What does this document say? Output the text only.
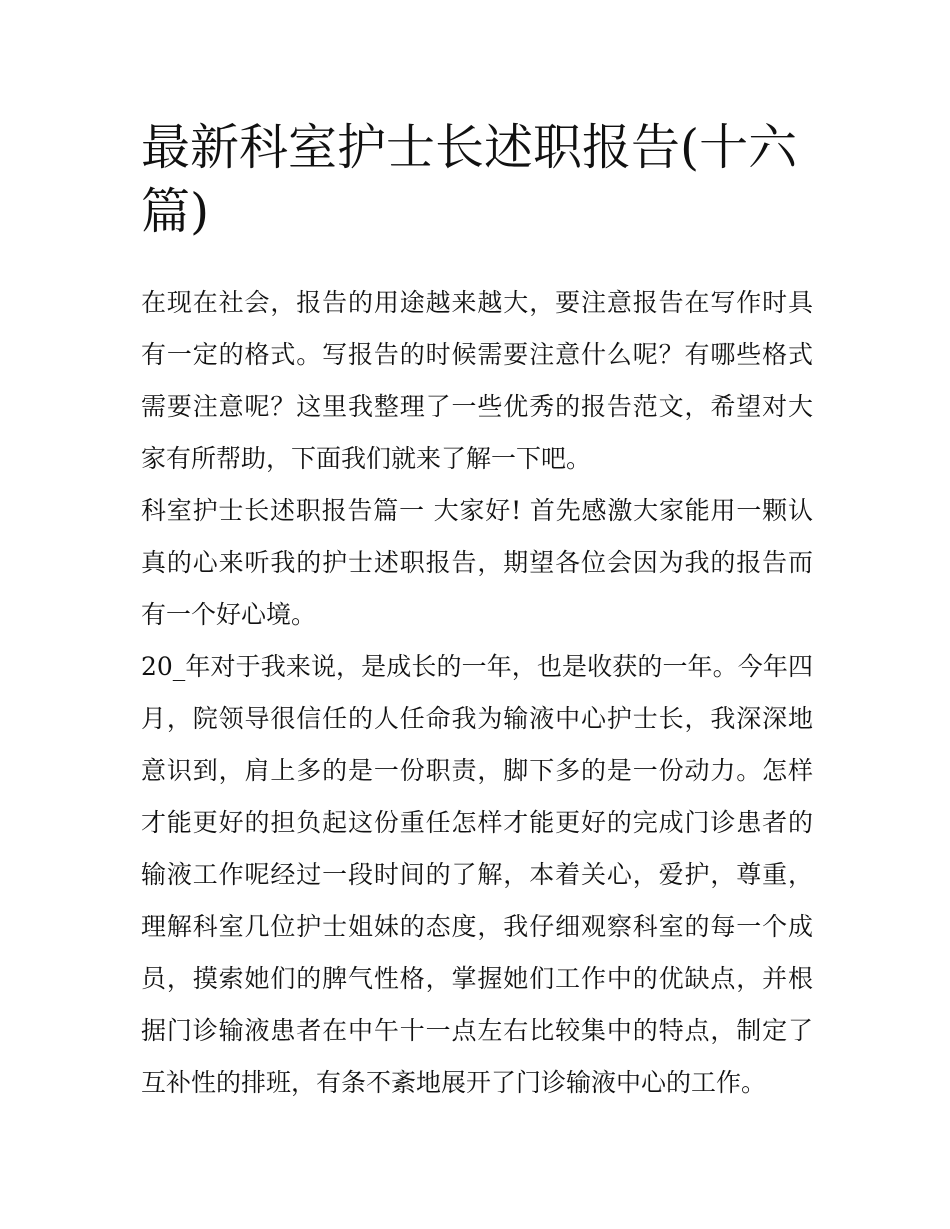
最新科室护士长述职报告(十六篇)

在现在社会，报告的用途越来越大，要注意报告在写作时具有一定的格式。写报告的时候需要注意什么呢？有哪些格式需要注意呢？这里我整理了一些优秀的报告范文，希望对大家有所帮助，下面我们就来了解一下吧。

科室护士长述职报告篇一 大家好! 首先感激大家能用一颗认真的心来听我的护士述职报告，期望各位会因为我的报告而有一个好心境。

20_年对于我来说，是成长的一年，也是收获的一年。今年四月，院领导很信任的人任命我为输液中心护士长，我深深地意识到，肩上多的是一份职责，脚下多的是一份动力。怎样才能更好的担负起这份重任怎样才能更好的完成门诊患者的输液工作呢经过一段时间的了解，本着关心，爱护，尊重，理解科室几位护士姐妹的态度，我仔细观察科室的每一个成员，摸索她们的脾气性格，掌握她们工作中的优缺点，并根据门诊输液患者在中午十一点左右比较集中的特点，制定了互补性的排班，有条不紊地展开了门诊输液中心的工作。
